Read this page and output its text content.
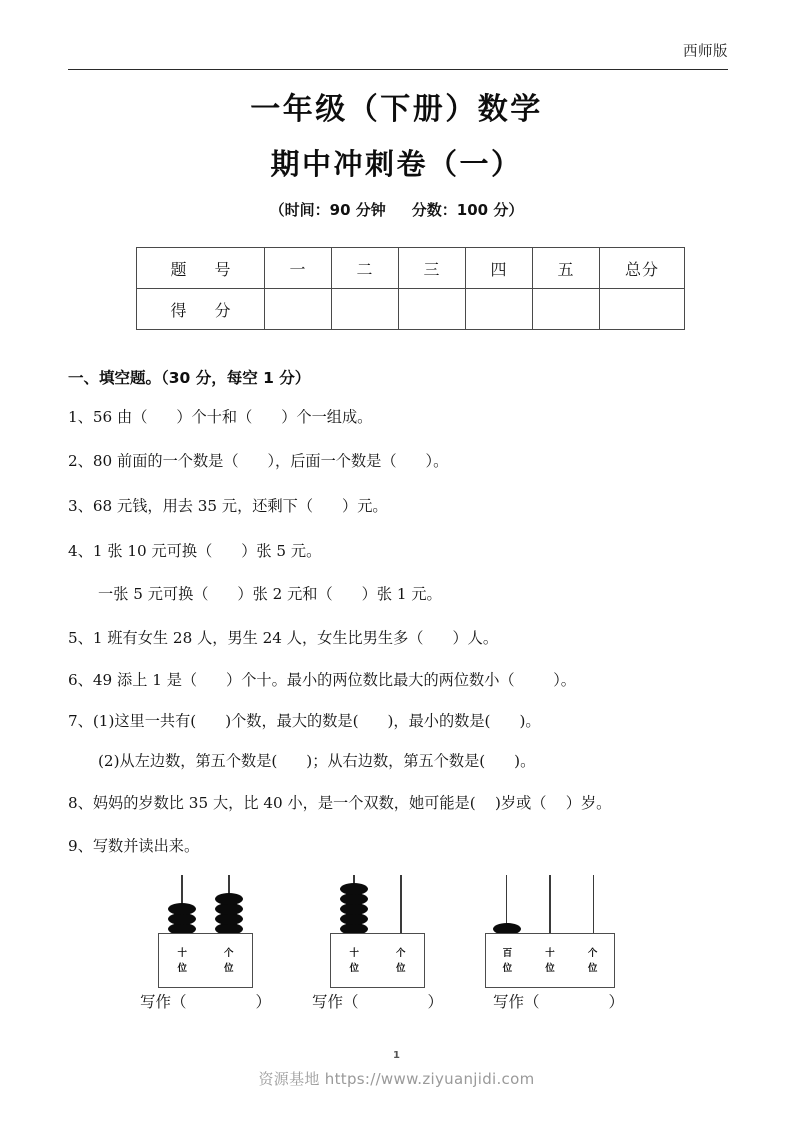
西师版
一年级（下册）数学
期中冲刺卷（一）
（时间：90 分钟 分数：100 分）
题　号	一	二	三	四	五	总分
得　分						
一、填空题。（30 分，每空 1 分）
1、56 由（      ）个十和（      ）个一组成。
2、80 前面的一个数是（      ），后面一个数是（      ）。
3、68 元钱，用去 35 元，还剩下（      ）元。
4、1 张 10 元可换（      ）张 5 元。
一张 5 元可换（      ）张 2 元和（      ）张 1 元。
5、1 班有女生 28 人，男生 24 人，女生比男生多（      ）人。
6、49 添上 1 是（      ）个十。最小的两位数比最大的两位数小（        ）。
7、(1)这里一共有(      )个数，最大的数是(      )，最小的数是(      )。
(2)从左边数，第五个数是(      )；从右边数，第五个数是(      )。
8、妈妈的岁数比 35 大，比 40 小，是一个双数，她可能是(    )岁或（    ）岁。
9、写数并读出来。
十
位
个
位
写作（              ）
十
位
个
位
写作（              ）
百
位
十
位
个
位
写作（              ）
1
资源基地 https://www.ziyuanjidi.com
